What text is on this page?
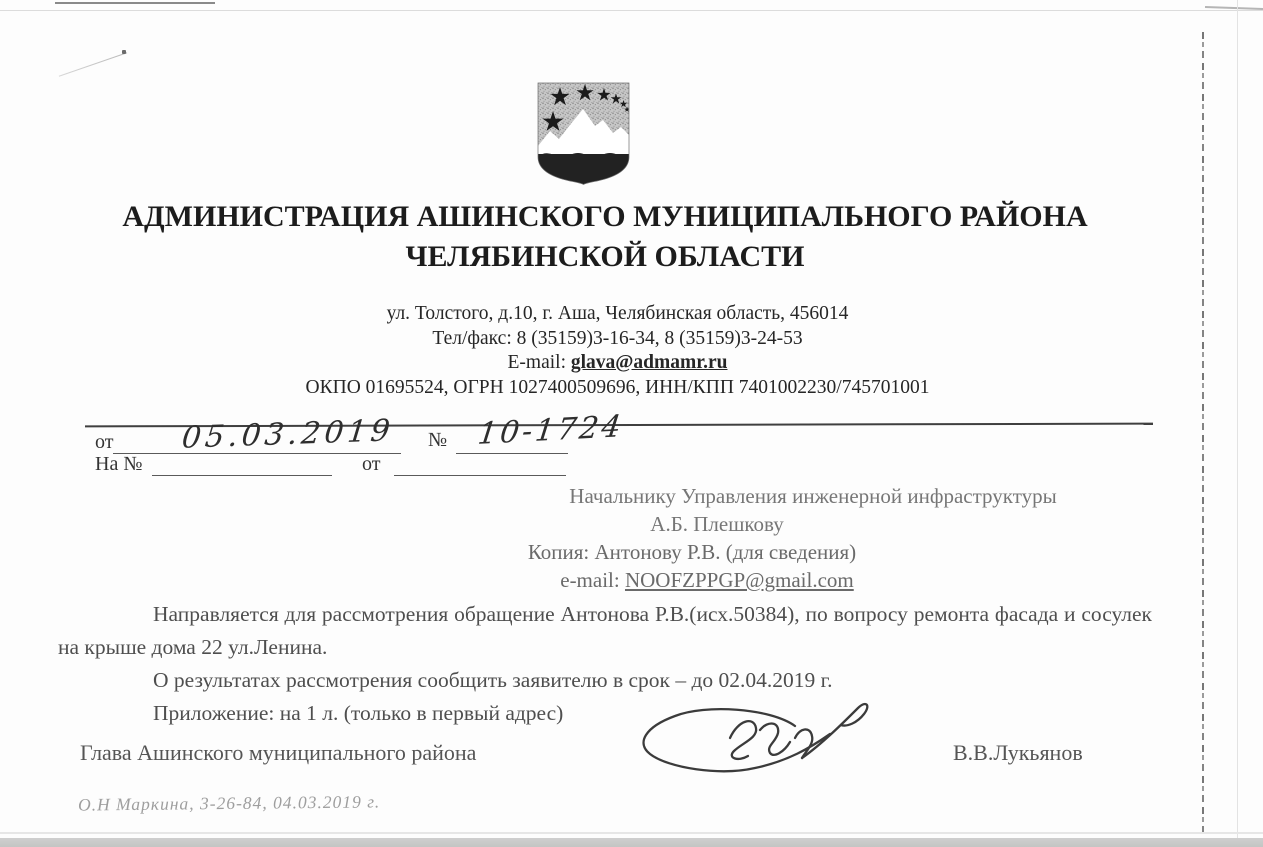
АДМИНИСТРАЦИЯ АШИНСКОГО МУНИЦИПАЛЬНОГО РАЙОНА
ЧЕЛЯБИНСКОЙ ОБЛАСТИ
ул. Толстого, д.10, г. Аша, Челябинская область, 456014
Тел/факс: 8 (35159)3-16-34, 8 (35159)3-24-53
E-mail: glava@admamr.ru
ОКПО 01695524, ОГРН 1027400509696, ИНН/КПП 7401002230/745701001
от 05.03.2019 № 10-1724
На №	от
Начальнику Управления инженерной инфраструктуры
А.Б. Плешкову
Копия: Антонову Р.В. (для сведения)
e-mail: NOOFZPPGP@gmail.com
Направляется для рассмотрения обращение Антонова Р.В.(исх.50384), по вопросу ремонта фасада и сосулек на крыше дома 22 ул.Ленина.
О результатах рассмотрения сообщить заявителю в срок – до 02.04.2019 г.
Приложение: на 1 л. (только в первый адрес)
Глава Ашинского муниципального района	В.В.Лукьянов
О.Н Маркина, 3-26-84, 04.03.2019 г.
